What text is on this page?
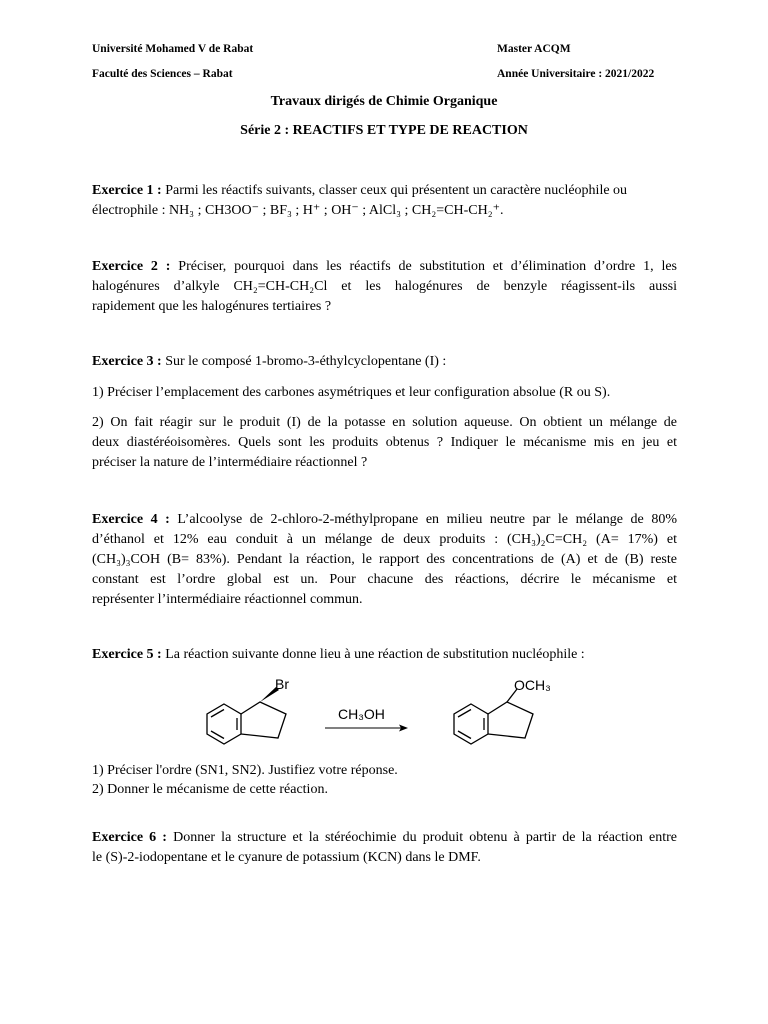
Université Mohamed V de Rabat
Faculté des Sciences – Rabat
Master ACQM
Année Universitaire : 2021/2022
Travaux dirigés de Chimie Organique
Série 2 : REACTIFS ET TYPE DE REACTION
Exercice 1 : Parmi les réactifs suivants, classer ceux qui présentent un caractère nucléophile ou
électrophile : NH₃ ; CH3OO⁻ ; BF₃ ; H⁺ ; OH⁻ ; AlCl₃ ; CH₂=CH-CH₂⁺.
Exercice 2 : Préciser, pourquoi dans les réactifs de substitution et d’élimination d’ordre 1, les
halogénures d’alkyle CH₂=CH-CH₂Cl et les halogénures de benzyle réagissent-ils aussi
rapidement que les halogénures tertiaires ?
Exercice 3 : Sur le composé 1-bromo-3-éthylcyclopentane (I) :
1) Préciser l’emplacement des carbones asymétriques et leur configuration absolue (R ou S).
2) On fait réagir sur le produit (I) de la potasse en solution aqueuse. On obtient un mélange de
deux diastéréoisomères. Quels sont les produits obtenus ? Indiquer le mécanisme mis en jeu et
préciser la nature de l’intermédiaire réactionnel ?
Exercice 4 : L’alcoolyse de 2-chloro-2-méthylpropane en milieu neutre par le mélange de 80%
d’éthanol et 12% eau conduit à un mélange de deux produits : (CH₃)₂C=CH₂ (A= 17%) et
(CH₃)₃COH (B= 83%). Pendant la réaction, le rapport des concentrations de (A) et de (B) reste
constant est l’ordre global est un. Pour chacune des réactions, décrire le mécanisme et
représenter l’intermédiaire réactionnel commun.
Exercice 5 : La réaction suivante donne lieu à une réaction de substitution nucléophile :
Br
CH₃OH
OCH₃
1) Préciser l'ordre (SN1, SN2). Justifiez votre réponse.
2) Donner le mécanisme de cette réaction.
Exercice 6 : Donner la structure et la stéréochimie du produit obtenu à partir de la réaction entre
le (S)-2-iodopentane et le cyanure de potassium (KCN) dans le DMF.
